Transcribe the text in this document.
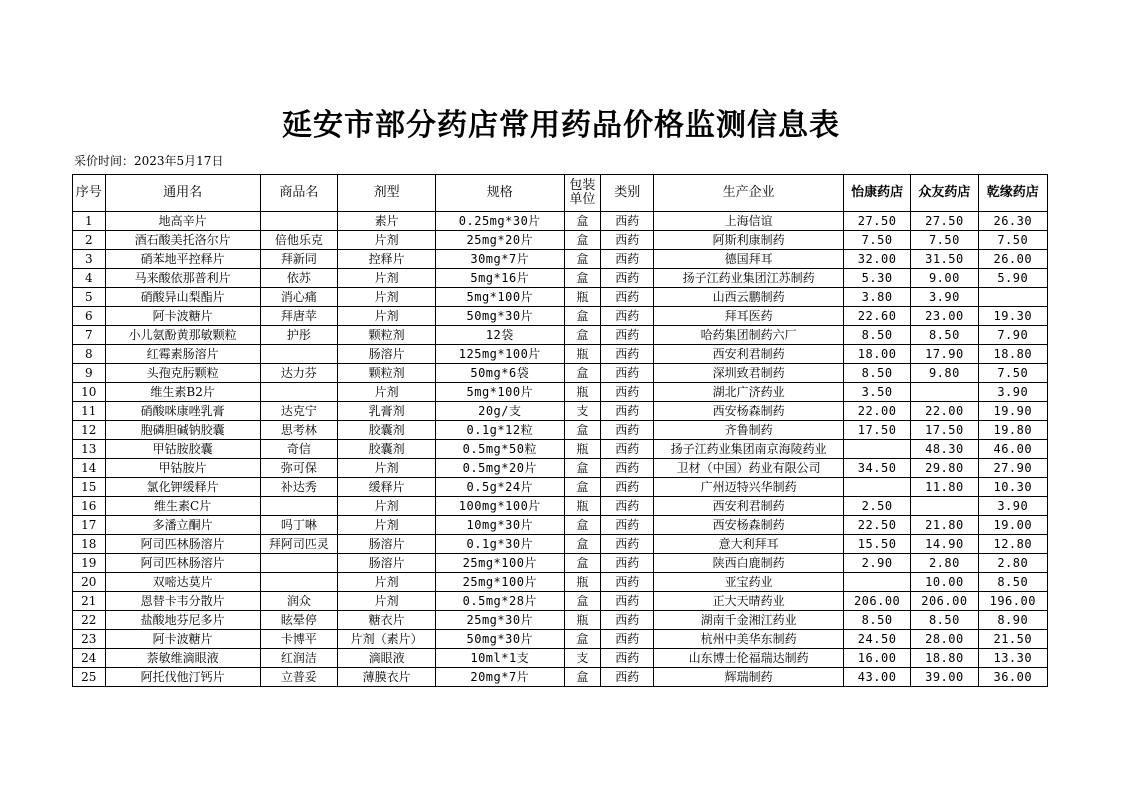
延安市部分药店常用药品价格监测信息表
采价时间：2023年5月17日
序号	通用名	商品名	剂型	规格	包装单位	类别	生产企业	怡康药店	众友药店	乾缘药店
1	地高辛片		素片	0.25mg*30片	盒	西药	上海信谊	27.50	27.50	26.30
2	酒石酸美托洛尔片	倍他乐克	片剂	25mg*20片	盒	西药	阿斯利康制药	7.50	7.50	7.50
3	硝苯地平控释片	拜新同	控释片	30mg*7片	盒	西药	德国拜耳	32.00	31.50	26.00
4	马来酸依那普利片	依苏	片剂	5mg*16片	盒	西药	扬子江药业集团江苏制药	5.30	9.00	5.90
5	硝酸异山梨酯片	消心痛	片剂	5mg*100片	瓶	西药	山西云鹏制药	3.80	3.90	
6	阿卡波糖片	拜唐苹	片剂	50mg*30片	盒	西药	拜耳医药	22.60	23.00	19.30
7	小儿氨酚黄那敏颗粒	护彤	颗粒剂	12袋	盒	西药	哈药集团制药六厂	8.50	8.50	7.90
8	红霉素肠溶片		肠溶片	125mg*100片	瓶	西药	西安利君制药	18.00	17.90	18.80
9	头孢克肟颗粒	达力芬	颗粒剂	50mg*6袋	盒	西药	深圳致君制药	8.50	9.80	7.50
10	维生素B2片		片剂	5mg*100片	瓶	西药	湖北广济药业	3.50		3.90
11	硝酸咪康唑乳膏	达克宁	乳膏剂	20g/支	支	西药	西安杨森制药	22.00	22.00	19.90
12	胞磷胆碱钠胶囊	思考林	胶囊剂	0.1g*12粒	盒	西药	齐鲁制药	17.50	17.50	19.80
13	甲钴胺胶囊	奇信	胶囊剂	0.5mg*50粒	瓶	西药	扬子江药业集团南京海陵药业		48.30	46.00
14	甲钴胺片	弥可保	片剂	0.5mg*20片	盒	西药	卫材（中国）药业有限公司	34.50	29.80	27.90
15	氯化钾缓释片	补达秀	缓释片	0.5g*24片	盒	西药	广州迈特兴华制药		11.80	10.30
16	维生素C片		片剂	100mg*100片	瓶	西药	西安利君制药	2.50		3.90
17	多潘立酮片	吗丁啉	片剂	10mg*30片	盒	西药	西安杨森制药	22.50	21.80	19.00
18	阿司匹林肠溶片	拜阿司匹灵	肠溶片	0.1g*30片	盒	西药	意大利拜耳	15.50	14.90	12.80
19	阿司匹林肠溶片		肠溶片	25mg*100片	盒	西药	陕西白鹿制药	2.90	2.80	2.80
20	双嘧达莫片		片剂	25mg*100片	瓶	西药	亚宝药业		10.00	8.50
21	恩替卡韦分散片	润众	片剂	0.5mg*28片	盒	西药	正大天晴药业	206.00	206.00	196.00
22	盐酸地芬尼多片	眩晕停	糖衣片	25mg*30片	瓶	西药	湖南千金湘江药业	8.50	8.50	8.90
23	阿卡波糖片	卡博平	片剂（素片）	50mg*30片	盒	西药	杭州中美华东制药	24.50	28.00	21.50
24	萘敏维滴眼液	红润洁	滴眼液	10ml*1支	支	西药	山东博士伦福瑞达制药	16.00	18.80	13.30
25	阿托伐他汀钙片	立普妥	薄膜衣片	20mg*7片	盒	西药	辉瑞制药	43.00	39.00	36.00
